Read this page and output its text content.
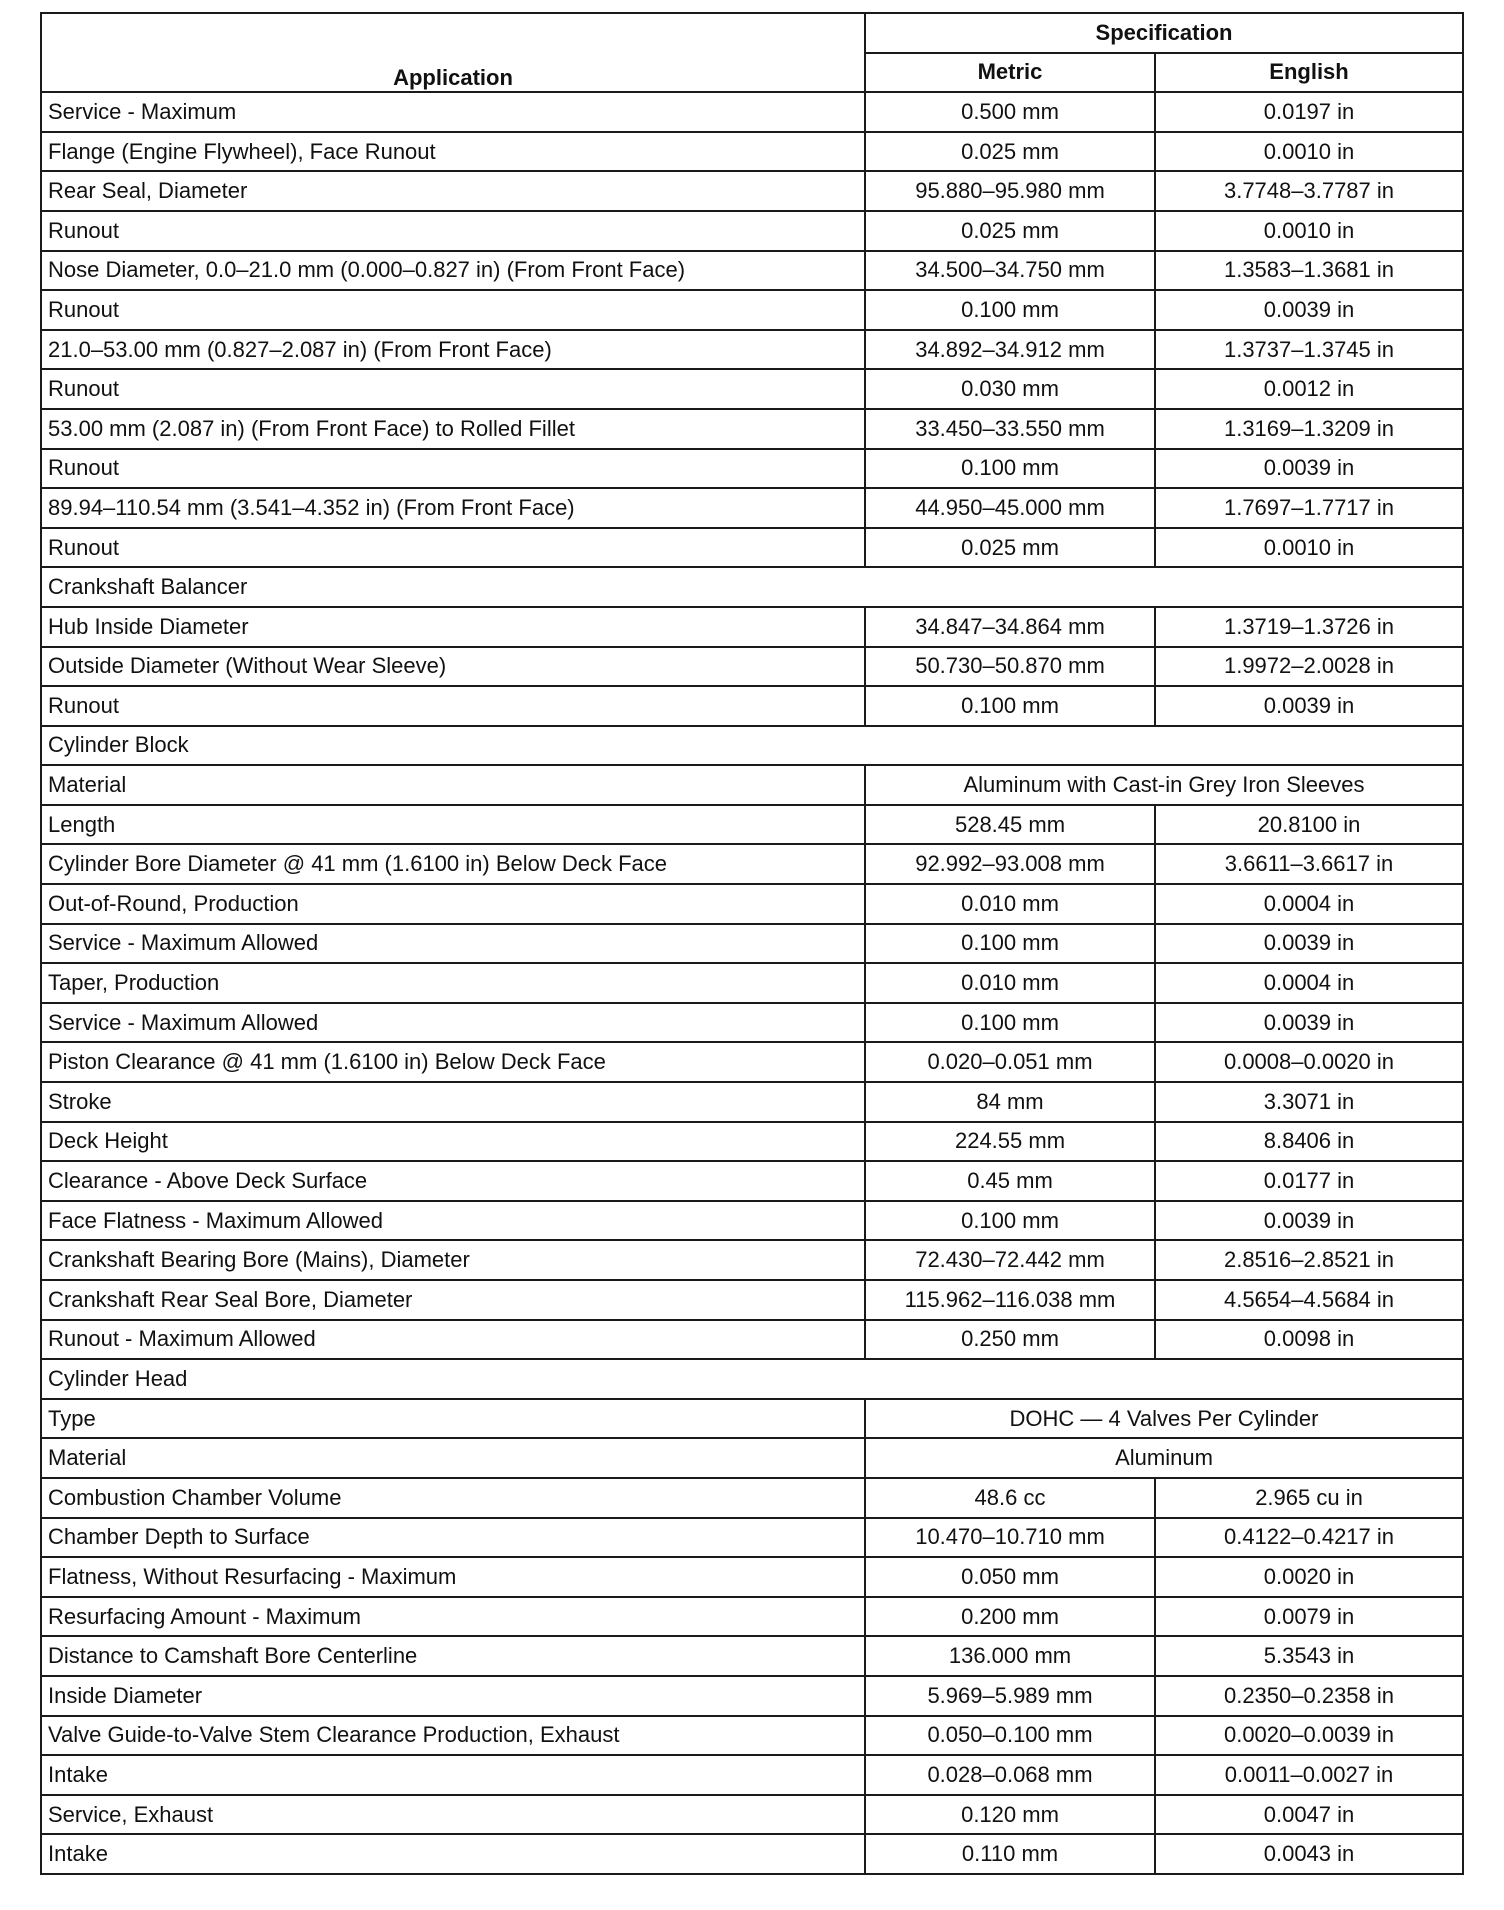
Application	Specification	
	Metric	English
Service - Maximum	0.500 mm	0.0197 in
Flange (Engine Flywheel), Face Runout	0.025 mm	0.0010 in
Rear Seal, Diameter	95.880–95.980 mm	3.7748–3.7787 in
Runout	0.025 mm	0.0010 in
Nose Diameter, 0.0–21.0 mm (0.000–0.827 in) (From Front Face)	34.500–34.750 mm	1.3583–1.3681 in
Runout	0.100 mm	0.0039 in
21.0–53.00 mm (0.827–2.087 in) (From Front Face)	34.892–34.912 mm	1.3737–1.3745 in
Runout	0.030 mm	0.0012 in
53.00 mm (2.087 in) (From Front Face) to Rolled Fillet	33.450–33.550 mm	1.3169–1.3209 in
Runout	0.100 mm	0.0039 in
89.94–110.54 mm (3.541–4.352 in) (From Front Face)	44.950–45.000 mm	1.7697–1.7717 in
Runout	0.025 mm	0.0010 in
Crankshaft Balancer		
Hub Inside Diameter	34.847–34.864 mm	1.3719–1.3726 in
Outside Diameter (Without Wear Sleeve)	50.730–50.870 mm	1.9972–2.0028 in
Runout	0.100 mm	0.0039 in
Cylinder Block		
Material	Aluminum with Cast-in Grey Iron Sleeves	
Length	528.45 mm	20.8100 in
Cylinder Bore Diameter @ 41 mm (1.6100 in) Below Deck Face	92.992–93.008 mm	3.6611–3.6617 in
Out-of-Round, Production	0.010 mm	0.0004 in
Service - Maximum Allowed	0.100 mm	0.0039 in
Taper, Production	0.010 mm	0.0004 in
Service - Maximum Allowed	0.100 mm	0.0039 in
Piston Clearance @ 41 mm (1.6100 in) Below Deck Face	0.020–0.051 mm	0.0008–0.0020 in
Stroke	84 mm	3.3071 in
Deck Height	224.55 mm	8.8406 in
Clearance - Above Deck Surface	0.45 mm	0.0177 in
Face Flatness - Maximum Allowed	0.100 mm	0.0039 in
Crankshaft Bearing Bore (Mains), Diameter	72.430–72.442 mm	2.8516–2.8521 in
Crankshaft Rear Seal Bore, Diameter	115.962–116.038 mm	4.5654–4.5684 in
Runout - Maximum Allowed	0.250 mm	0.0098 in
Cylinder Head		
Type	DOHC — 4 Valves Per Cylinder	
Material	Aluminum	
Combustion Chamber Volume	48.6 cc	2.965 cu in
Chamber Depth to Surface	10.470–10.710 mm	0.4122–0.4217 in
Flatness, Without Resurfacing - Maximum	0.050 mm	0.0020 in
Resurfacing Amount - Maximum	0.200 mm	0.0079 in
Distance to Camshaft Bore Centerline	136.000 mm	5.3543 in
Inside Diameter	5.969–5.989 mm	0.2350–0.2358 in
Valve Guide-to-Valve Stem Clearance Production, Exhaust	0.050–0.100 mm	0.0020–0.0039 in
Intake	0.028–0.068 mm	0.0011–0.0027 in
Service, Exhaust	0.120 mm	0.0047 in
Intake	0.110 mm	0.0043 in
